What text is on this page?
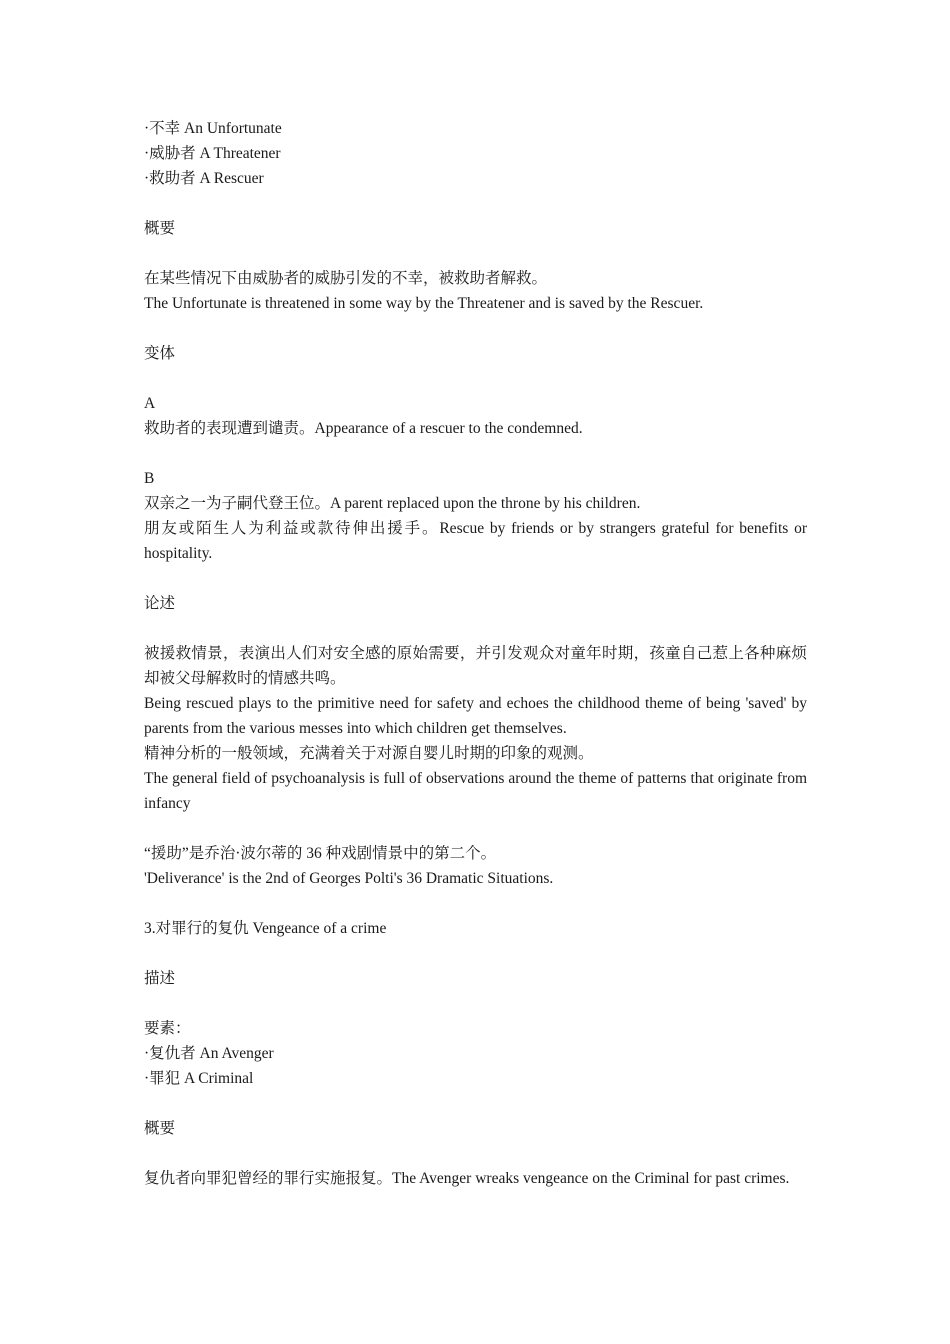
·不幸 An Unfortunate
·威胁者 A Threatener
·救助者 A Rescuer
概要
在某些情况下由威胁者的威胁引发的不幸，被救助者解救。
The Unfortunate is threatened in some way by the Threatener and is saved by the Rescuer.
变体
A
救助者的表现遭到谴责。Appearance of a rescuer to the condemned.
B
双亲之一为子嗣代登王位。A parent replaced upon the throne by his children.
朋友或陌生人为利益或款待伸出援手。Rescue by friends or by strangers grateful for benefits or hospitality.
论述
被援救情景，表演出人们对安全感的原始需要，并引发观众对童年时期，孩童自己惹上各种麻烦却被父母解救时的情感共鸣。
Being rescued plays to the primitive need for safety and echoes the childhood theme of being 'saved' by parents from the various messes into which children get themselves.
精神分析的一般领域，充满着关于对源自婴儿时期的印象的观测。
The general field of psychoanalysis is full of observations around the theme of patterns that originate from infancy
“援助”是乔治·波尔蒂的 36 种戏剧情景中的第二个。
'Deliverance' is the 2nd of Georges Polti's 36 Dramatic Situations.
3.对罪行的复仇 Vengeance of a crime
描述
要素：
·复仇者 An Avenger
·罪犯 A Criminal
概要
复仇者向罪犯曾经的罪行实施报复。The Avenger wreaks vengeance on the Criminal for past crimes.
